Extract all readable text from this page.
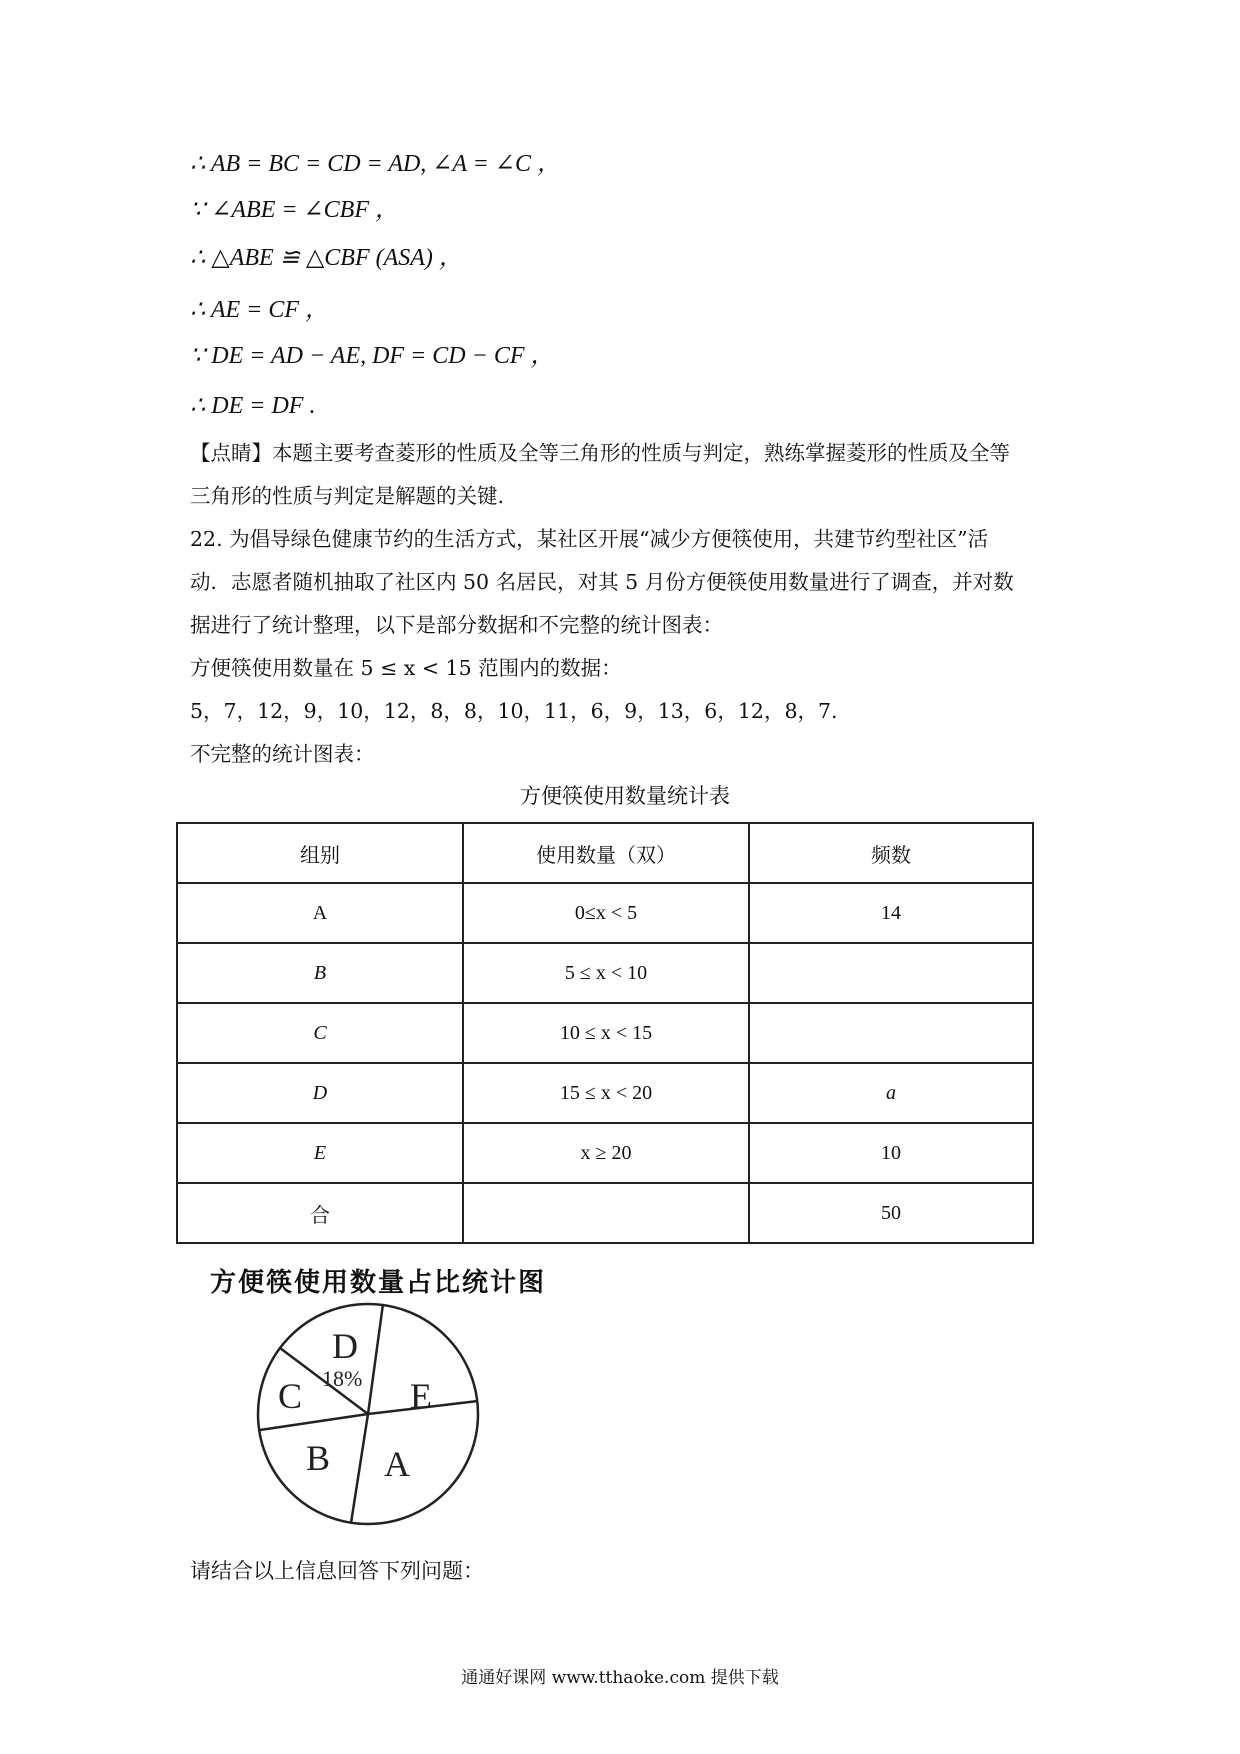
∴ AB = BC = CD = AD, ∠A = ∠C ，
∵ ∠ABE = ∠CBF ，
∴ △ABE ≌ △CBF (ASA) ，
∴ AE = CF ，
∵ DE = AD − AE, DF = CD − CF ，
∴ DE = DF .
【点睛】本题主要考查菱形的性质及全等三角形的性质与判定，熟练掌握菱形的性质及全等
三角形的性质与判定是解题的关键.
22. 为倡导绿色健康节约的生活方式，某社区开展“减少方便筷使用，共建节约型社区”活
动．志愿者随机抽取了社区内 50 名居民，对其 5 月份方便筷使用数量进行了调查，并对数
据进行了统计整理，以下是部分数据和不完整的统计图表：
方便筷使用数量在 5 ≤ x < 15 范围内的数据：
5，7，12，9，10，12，8，8，10，11，6，9，13，6，12，8，7.
不完整的统计图表：
方便筷使用数量统计表
组别	使用数量（双）	频数
A	0≤x < 5	14
B	5 ≤ x < 10	
C	10 ≤ x < 15	
D	15 ≤ x < 20	a
E	x ≥ 20	10
合		50
方便筷使用数量占比统计图
D
18%
C	E
B A
请结合以上信息回答下列问题：
通通好课网 www.tthaoke.com 提供下载
